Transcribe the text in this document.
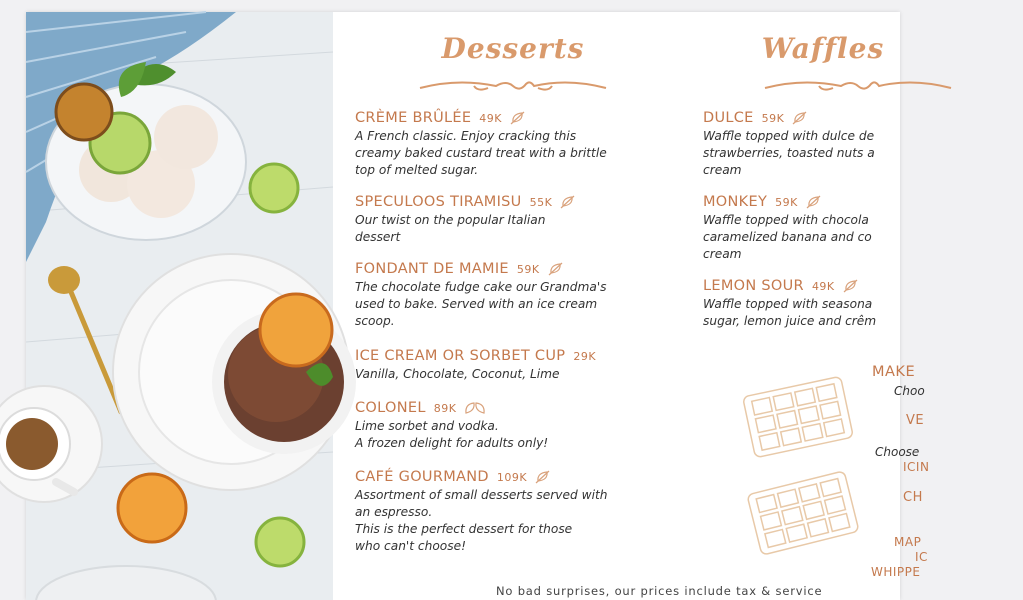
Desserts
CRÈME BRÛLÉE 49K

A French classic. Enjoy cracking this
creamy baked custard treat with a brittle
top of melted sugar.

SPECULOOS TIRAMISU 55K

Our twist on the popular Italian
dessert

FONDANT DE MAMIE 59K

The chocolate fudge cake our Grandma's
used to bake. Served with an ice cream
scoop.

ICE CREAM OR SORBET CUP 29K

Vanilla, Chocolate, Coconut, Lime

COLONEL 89K

Lime sorbet and vodka.
A frozen delight for adults only!

CAFÉ GOURMAND 109K

Assortment of small desserts served with
an espresso.
This is the perfect dessert for those
who can't choose!

Waffles
DULCE 59K

Waffle topped with dulce de
strawberries, toasted nuts a
cream

MONKEY 59K

Waffle topped with chocola
caramelized banana and co
cream

LEMON SOUR 49K

Waffle topped with seasona
sugar, lemon juice and crêm

MAKE
Choo
VE
Choose
ICIN
CH
MAP
IC
WHIPPE
No bad surprises, our prices include tax & service
